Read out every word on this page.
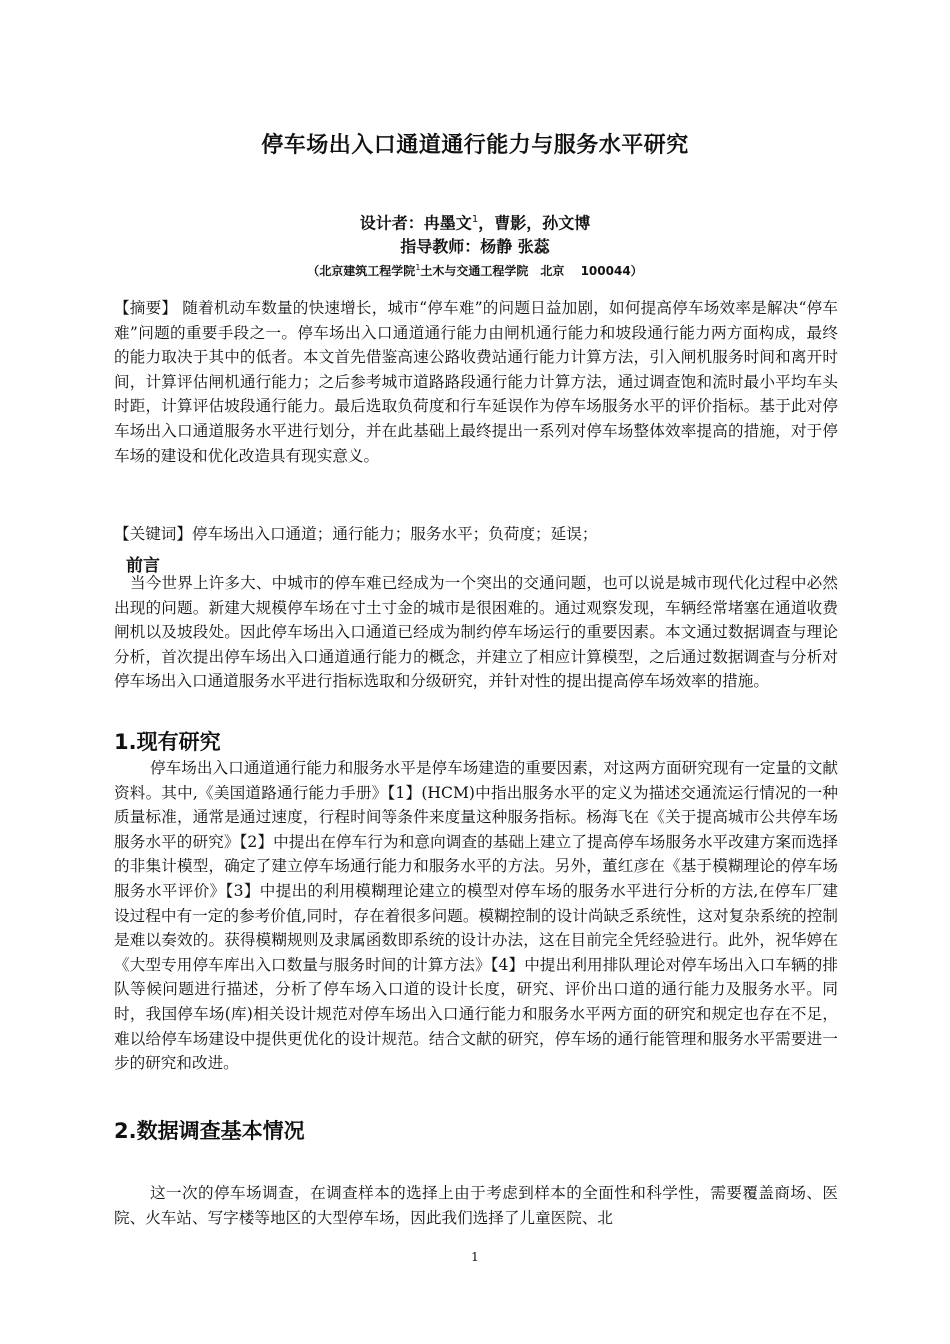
停车场出入口通道通行能力与服务水平研究
设计者：冉墨文$^1$，曹影，孙文博
指导教师：杨静 张蕊
（北京建筑工程学院$^1$土木与交通工程学院　北京　 100044）
【摘要】 随着机动车数量的快速增长，城市“停车难”的问题日益加剧，如何提高停车场效率是解决“停车难”问题的重要手段之一。停车场出入口通道通行能力由闸机通行能力和坡段通行能力两方面构成，最终的能力取决于其中的低者。本文首先借鉴高速公路收费站通行能力计算方法，引入闸机服务时间和离开时间，计算评估闸机通行能力；之后参考城市道路路段通行能力计算方法，通过调查饱和流时最小平均车头时距，计算评估坡段通行能力。最后选取负荷度和行车延误作为停车场服务水平的评价指标。基于此对停车场出入口通道服务水平进行划分，并在此基础上最终提出一系列对停车场整体效率提高的措施，对于停车场的建设和优化改造具有现实意义。
【关键词】停车场出入口通道；通行能力；服务水平；负荷度；延误；
前言
当今世界上许多大、中城市的停车难已经成为一个突出的交通问题，也可以说是城市现代化过程中必然出现的问题。新建大规模停车场在寸土寸金的城市是很困难的。通过观察发现，车辆经常堵塞在通道收费闸机以及坡段处。因此停车场出入口通道已经成为制约停车场运行的重要因素。本文通过数据调查与理论分析，首次提出停车场出入口通道通行能力的概念，并建立了相应计算模型，之后通过数据调查与分析对停车场出入口通道服务水平进行指标选取和分级研究，并针对性的提出提高停车场效率的措施。
1.现有研究
停车场出入口通道通行能力和服务水平是停车场建造的重要因素，对这两方面研究现有一定量的文献资料。其中,《美国道路通行能力手册》【1】(HCM)中指出服务水平的定义为描述交通流运行情况的一种质量标准，通常是通过速度，行程时间等条件来度量这种服务指标。杨海飞在《关于提高城市公共停车场服务水平的研究》【2】中提出在停车行为和意向调查的基础上建立了提高停车场服务水平改建方案而选择的非集计模型，确定了建立停车场通行能力和服务水平的方法。另外，董红彦在《基于模糊理论的停车场服务水平评价》【3】中提出的利用模糊理论建立的模型对停车场的服务水平进行分析的方法,在停车厂建设过程中有一定的参考价值,同时，存在着很多问题。模糊控制的设计尚缺乏系统性，这对复杂系统的控制是难以奏效的。获得模糊规则及隶属函数即系统的设计办法，这在目前完全凭经验进行。此外，祝华婷在《大型专用停车库出入口数量与服务时间的计算方法》【4】中提出利用排队理论对停车场出入口车辆的排队等候问题进行描述，分析了停车场入口道的设计长度，研究、评价出口道的通行能力及服务水平。同时，我国停车场(库)相关设计规范对停车场出入口通行能力和服务水平两方面的研究和规定也存在不足，难以给停车场建设中提供更优化的设计规范。结合文献的研究，停车场的通行能管理和服务水平需要进一步的研究和改进。
2.数据调查基本情况
这一次的停车场调查，在调查样本的选择上由于考虑到样本的全面性和科学性，需要覆盖商场、医院、火车站、写字楼等地区的大型停车场，因此我们选择了儿童医院、北
1
